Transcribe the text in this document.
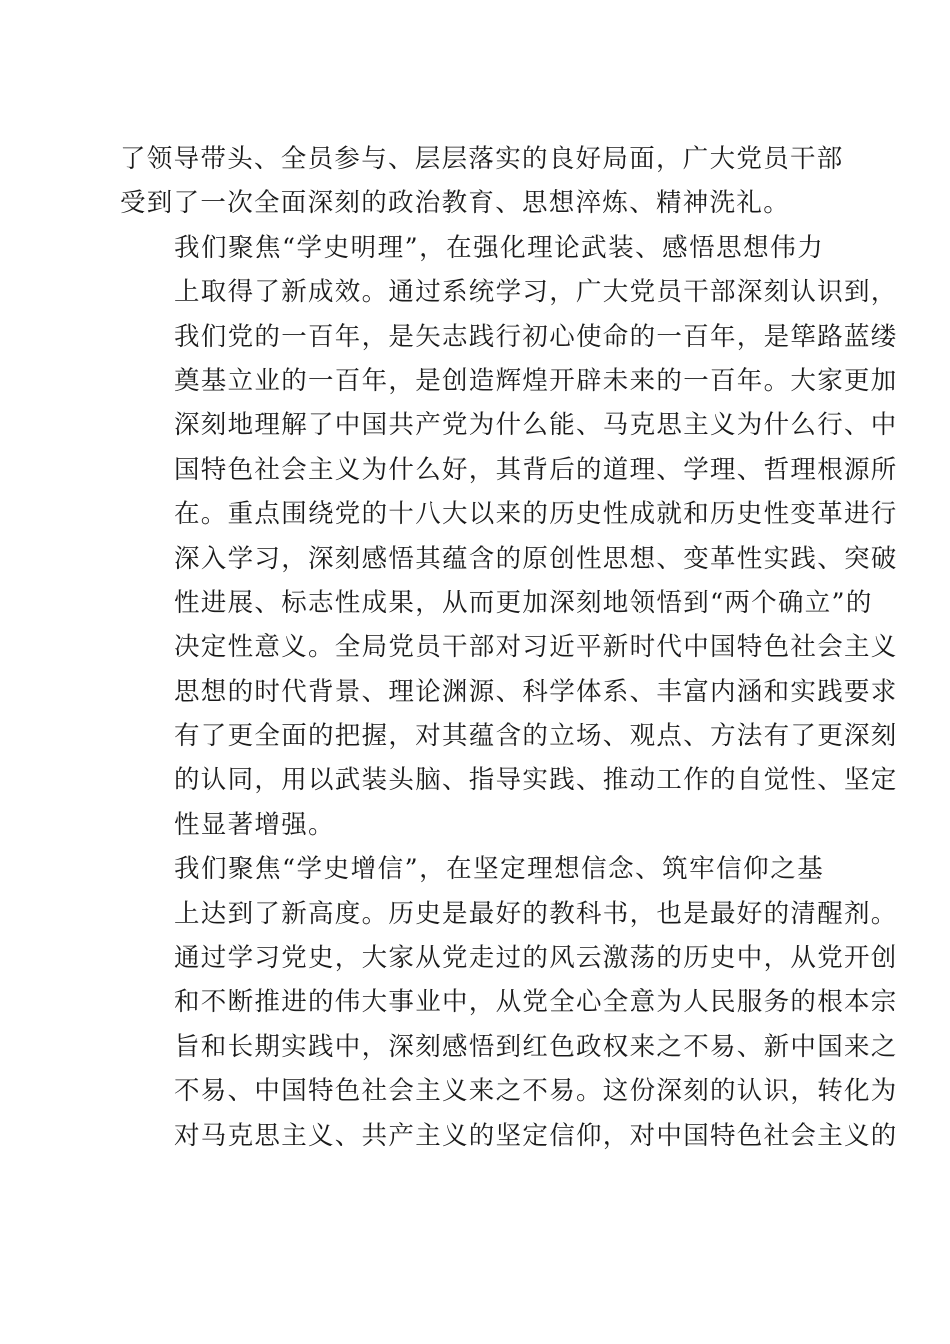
了领导带头、全员参与、层层落实的良好局面，广大党员干部
受到了一次全面深刻的政治教育、思想淬炼、精神洗礼。
我们聚焦“学史明理”，在强化理论武装、感悟思想伟力
上取得了新成效。通过系统学习，广大党员干部深刻认识到，
我们党的一百年，是矢志践行初心使命的一百年，是筚路蓝缕
奠基立业的一百年，是创造辉煌开辟未来的一百年。大家更加
深刻地理解了中国共产党为什么能、马克思主义为什么行、中
国特色社会主义为什么好，其背后的道理、学理、哲理根源所
在。重点围绕党的十八大以来的历史性成就和历史性变革进行
深入学习，深刻感悟其蕴含的原创性思想、变革性实践、突破
性进展、标志性成果，从而更加深刻地领悟到“两个确立”的
决定性意义。全局党员干部对习近平新时代中国特色社会主义
思想的时代背景、理论渊源、科学体系、丰富内涵和实践要求
有了更全面的把握，对其蕴含的立场、观点、方法有了更深刻
的认同，用以武装头脑、指导实践、推动工作的自觉性、坚定
性显著增强。
我们聚焦“学史增信”，在坚定理想信念、筑牢信仰之基
上达到了新高度。历史是最好的教科书，也是最好的清醒剂。
通过学习党史，大家从党走过的风云激荡的历史中，从党开创
和不断推进的伟大事业中，从党全心全意为人民服务的根本宗
旨和长期实践中，深刻感悟到红色政权来之不易、新中国来之
不易、中国特色社会主义来之不易。这份深刻的认识，转化为
对马克思主义、共产主义的坚定信仰，对中国特色社会主义的
